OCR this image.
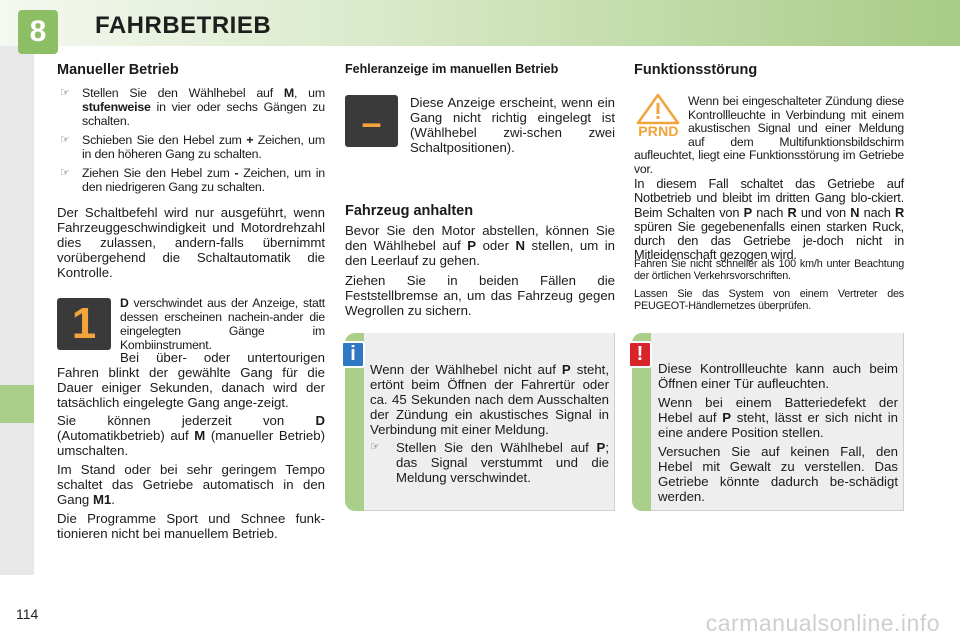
8	FAHRBETRIEB
Manueller Betrieb
☞ Stellen Sie den Wählhebel auf M, um stufenweise in vier oder sechs Gängen zu schalten.
☞ Schieben Sie den Hebel zum + Zeichen, um in den höheren Gang zu schalten.
☞ Ziehen Sie den Hebel zum - Zeichen, um in den niedrigeren Gang zu schalten.
Der Schaltbefehl wird nur ausgeführt, wenn Fahrzeuggeschwindigkeit und Motordrehzahl dies zulassen, andern-falls übernimmt vorübergehend die Schaltautomatik die Kontrolle.
1	D verschwindet aus der Anzeige, statt dessen erscheinen nachein-ander die eingelegten Gänge im Kombiinstrument.
Bei über- oder untertourigen Fahren blinkt der gewählte Gang für die Dauer einiger Sekunden, danach wird der tatsächlich eingelegte Gang ange-zeigt.
Sie können jederzeit von D (Automatikbetrieb) auf M (manueller Betrieb) umschalten.
Im Stand oder bei sehr geringem Tempo schaltet das Getriebe automatisch in den Gang M1.
Die Programme Sport und Schnee funk-tionieren nicht bei manuellem Betrieb.
Fehleranzeige im manuellen Betrieb
–	Diese Anzeige erscheint, wenn ein Gang nicht richtig eingelegt ist (Wählhebel zwi-schen zwei Schaltpositionen).
Fahrzeug anhalten
Bevor Sie den Motor abstellen, können Sie den Wählhebel auf P oder N stellen, um in den Leerlauf zu gehen.
Ziehen Sie in beiden Fällen die Feststellbremse an, um das Fahrzeug gegen Wegrollen zu sichern.
i
Wenn der Wählhebel nicht auf P steht, ertönt beim Öffnen der Fahrertür oder ca. 45 Sekunden nach dem Ausschalten der Zündung ein akustisches Signal in Verbindung mit einer Meldung.
☞ Stellen Sie den Wählhebel auf P; das Signal verstummt und die Meldung verschwindet.
Funktionsstörung
PRND
Wenn bei eingeschalteter Zündung diese Kontrollleuchte in Verbindung mit einem akustischen Signal und einer Meldung auf dem Multifunktionsbildschirm aufleuchtet, liegt eine Funktionsstörung im Getriebe vor.
In diesem Fall schaltet das Getriebe auf Notbetrieb und bleibt im dritten Gang blo-ckiert. Beim Schalten von P nach R und von N nach R spüren Sie gegebenenfalls einen starken Ruck, durch den das Getriebe je-doch nicht in Mitleidenschaft gezogen wird.
Fahren Sie nicht schneller als 100 km/h unter Beachtung der örtlichen Verkehrsvorschriften.
Lassen Sie das System von einem Vertreter des PEUGEOT-Händlernetzes überprüfen.
!
Diese Kontrollleuchte kann auch beim Öffnen einer Tür aufleuchten.
Wenn bei einem Batteriedefekt der Hebel auf P steht, lässt er sich nicht in eine andere Position stellen.
Versuchen Sie auf keinen Fall, den Hebel mit Gewalt zu verstellen. Das Getriebe könnte dadurch be-schädigt werden.
114	carmanualsonline.info
